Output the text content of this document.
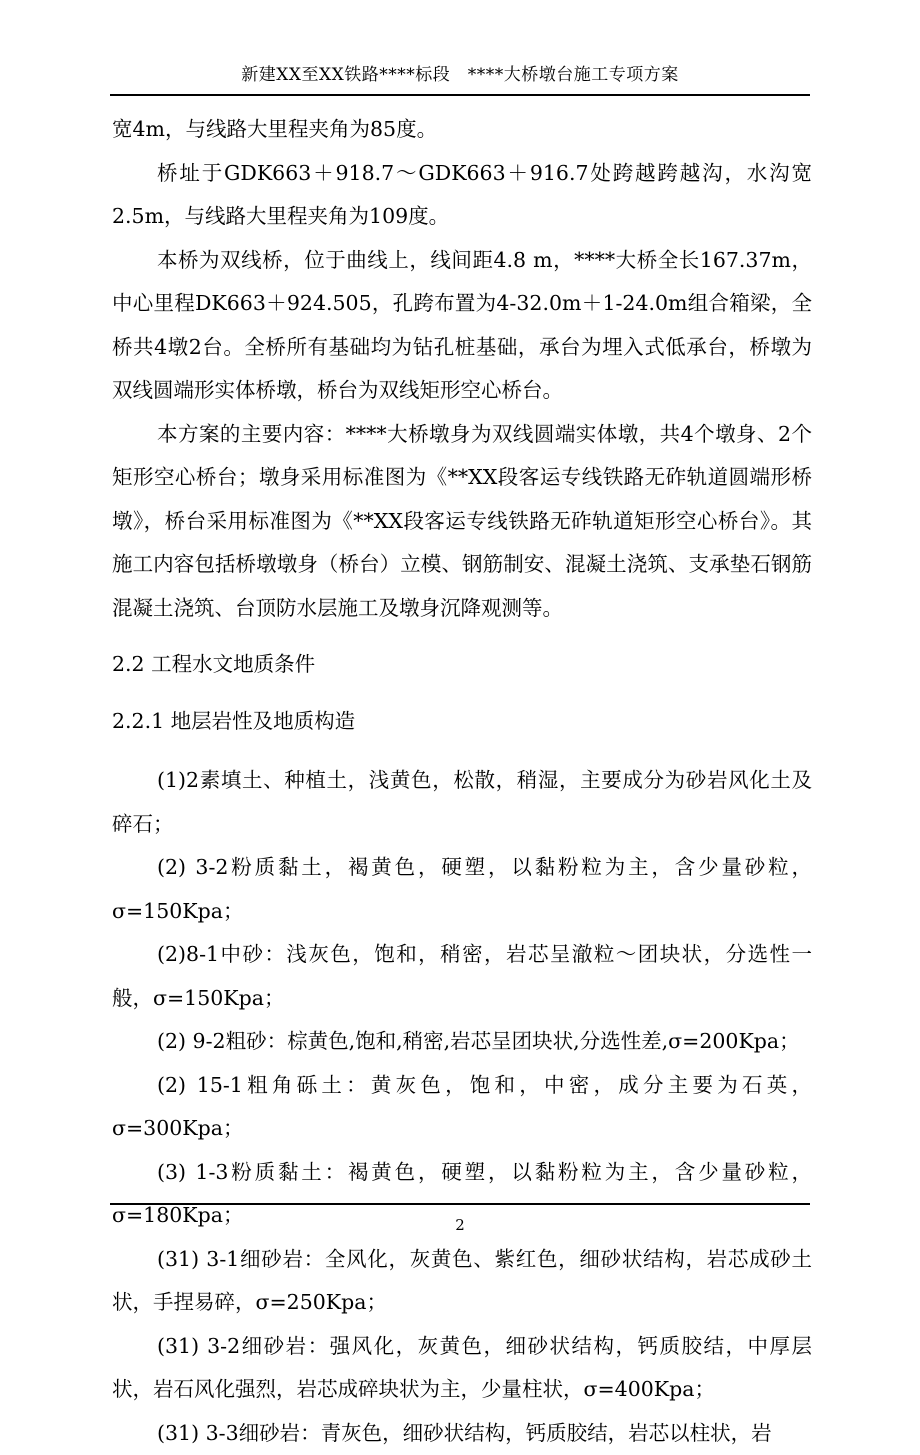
新建XX至XX铁路****标段　****大桥墩台施工专项方案

宽4m，与线路大里程夹角为85度。

桥址于GDK663＋918.7～GDK663＋916.7处跨越跨越沟，水沟宽2.5m，与线路大里程夹角为109度。

本桥为双线桥，位于曲线上，线间距4.8 m，****大桥全长167.37m，中心里程DK663＋924.505，孔跨布置为4-32.0m＋1-24.0m组合箱梁，全桥共4墩2台。全桥所有基础均为钻孔桩基础，承台为埋入式低承台，桥墩为双线圆端形实体桥墩，桥台为双线矩形空心桥台。

本方案的主要内容：****大桥墩身为双线圆端实体墩，共4个墩身、2个矩形空心桥台；墩身采用标准图为《**XX段客运专线铁路无砟轨道圆端形桥墩》，桥台采用标准图为《**XX段客运专线铁路无砟轨道矩形空心桥台》。其施工内容包括桥墩墩身（桥台）立模、钢筋制安、混凝土浇筑、支承垫石钢筋混凝土浇筑、台顶防水层施工及墩身沉降观测等。

2.2 工程水文地质条件

2.2.1 地层岩性及地质构造

(1)2素填土、种植土，浅黄色，松散，稍湿，主要成分为砂岩风化土及碎石；

(2) 3-2粉质黏土，褐黄色，硬塑，以黏粉粒为主，含少量砂粒，σ=150Kpa；

(2)8-1中砂：浅灰色，饱和，稍密，岩芯呈澈粒～团块状，分选性一般，σ=150Kpa；

(2) 9-2粗砂：棕黄色,饱和,稍密,岩芯呈团块状,分选性差,σ=200Kpa；

(2) 15-1粗角砾土：黄灰色，饱和，中密，成分主要为石英，σ=300Kpa；

(3) 1-3粉质黏土：褐黄色，硬塑，以黏粉粒为主，含少量砂粒，σ=180Kpa；

(31) 3-1细砂岩：全风化，灰黄色、紫红色，细砂状结构，岩芯成砂土状，手捏易碎，σ=250Kpa；

(31) 3-2细砂岩：强风化，灰黄色，细砂状结构，钙质胶结，中厚层状，岩石风化强烈，岩芯成碎块状为主，少量柱状，σ=400Kpa；

(31) 3-3细砂岩：青灰色，细砂状结构，钙质胶结，岩芯以柱状，岩

2
